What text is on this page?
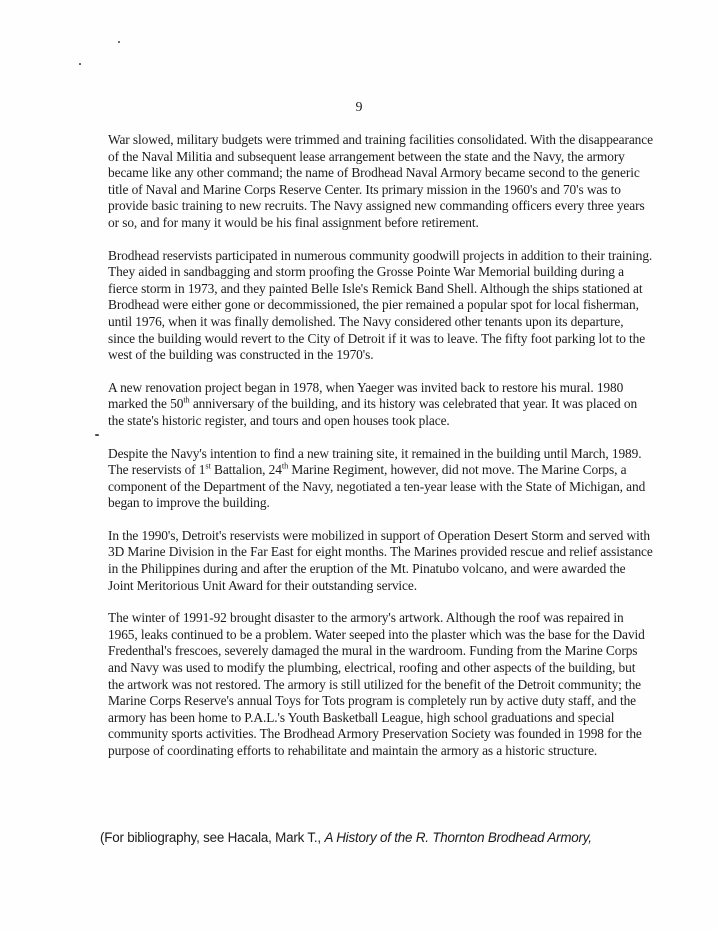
9

War slowed, military budgets were trimmed and training facilities consolidated. With the disappearance of the Naval Militia and subsequent lease arrangement between the state and the Navy, the armory became like any other command; the name of Brodhead Naval Armory became second to the generic title of Naval and Marine Corps Reserve Center. Its primary mission in the 1960's and 70's was to provide basic training to new recruits. The Navy assigned new commanding officers every three years or so, and for many it would be his final assignment before retirement.

Brodhead reservists participated in numerous community goodwill projects in addition to their training. They aided in sandbagging and storm proofing the Grosse Pointe War Memorial building during a fierce storm in 1973, and they painted Belle Isle's Remick Band Shell. Although the ships stationed at Brodhead were either gone or decommissioned, the pier remained a popular spot for local fisherman, until 1976, when it was finally demolished. The Navy considered other tenants upon its departure, since the building would revert to the City of Detroit if it was to leave. The fifty foot parking lot to the west of the building was constructed in the 1970's.

A new renovation project began in 1978, when Yaeger was invited back to restore his mural. 1980 marked the 50th anniversary of the building, and its history was celebrated that year. It was placed on the state's historic register, and tours and open houses took place.

Despite the Navy's intention to find a new training site, it remained in the building until March, 1989. The reservists of 1st Battalion, 24th Marine Regiment, however, did not move. The Marine Corps, a component of the Department of the Navy, negotiated a ten-year lease with the State of Michigan, and began to improve the building.

In the 1990's, Detroit's reservists were mobilized in support of Operation Desert Storm and served with 3D Marine Division in the Far East for eight months. The Marines provided rescue and relief assistance in the Philippines during and after the eruption of the Mt. Pinatubo volcano, and were awarded the Joint Meritorious Unit Award for their outstanding service.

The winter of 1991-92 brought disaster to the armory's artwork. Although the roof was repaired in 1965, leaks continued to be a problem. Water seeped into the plaster which was the base for the David Fredenthal's frescoes, severely damaged the mural in the wardroom. Funding from the Marine Corps and Navy was used to modify the plumbing, electrical, roofing and other aspects of the building, but the artwork was not restored. The armory is still utilized for the benefit of the Detroit community; the Marine Corps Reserve's annual Toys for Tots program is completely run by active duty staff, and the armory has been home to P.A.L.'s Youth Basketball League, high school graduations and special community sports activities. The Brodhead Armory Preservation Society was founded in 1998 for the purpose of coordinating efforts to rehabilitate and maintain the armory as a historic structure.

(For bibliography, see Hacala, Mark T., A History of the R. Thornton Brodhead Armory,
